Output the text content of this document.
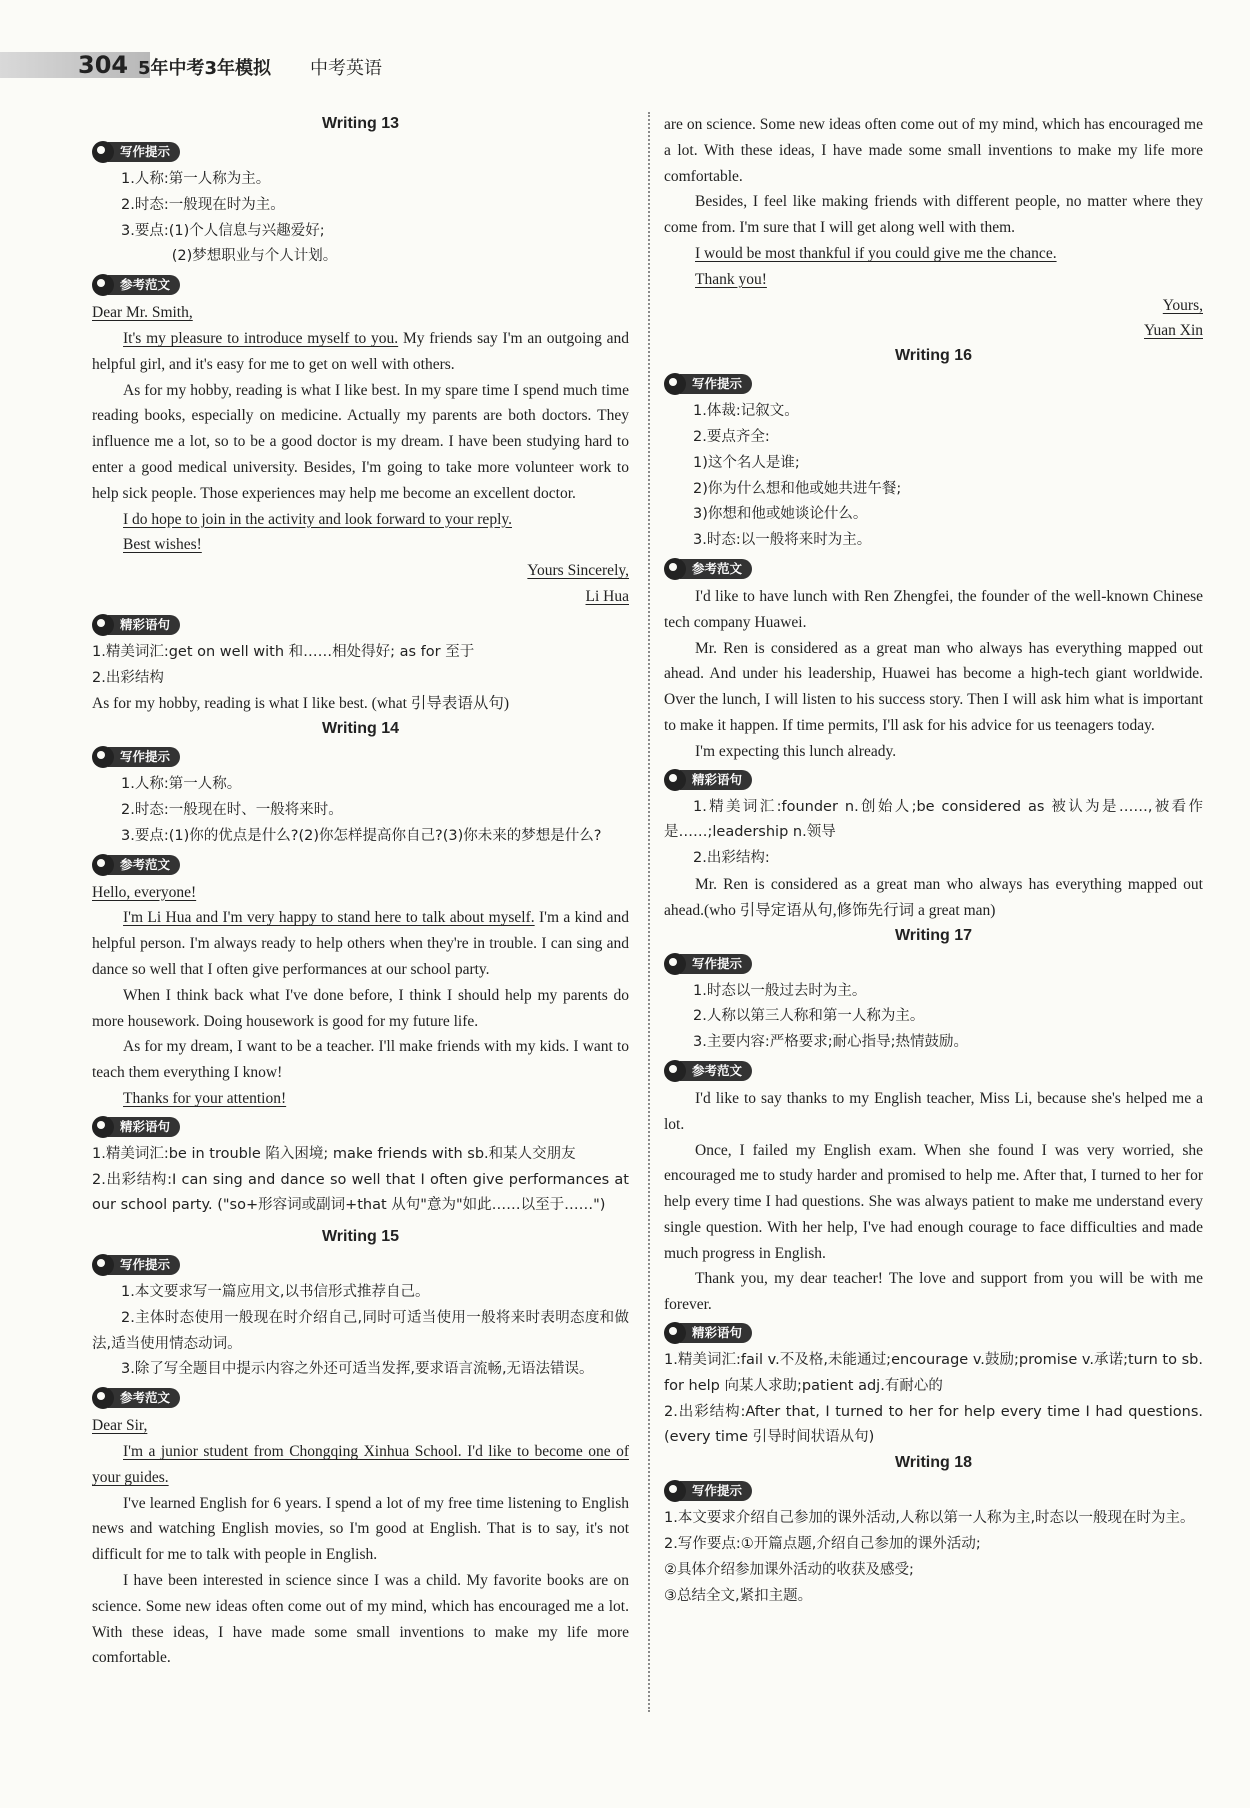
304 5年中考3年模拟 中考英语
Writing 13
写作提示

1.人称:第一人称为主。

2.时态:一般现在时为主。

3.要点:(1)个人信息与兴趣爱好;

(2)梦想职业与个人计划。

参考范文

Dear Mr. Smith,

It's my pleasure to introduce myself to you. My friends say I'm an outgoing and helpful girl, and it's easy for me to get on well with others.

As for my hobby, reading is what I like best. In my spare time I spend much time reading books, especially on medicine. Actually my parents are both doctors. They influence me a lot, so to be a good doctor is my dream. I have been studying hard to enter a good medical university. Besides, I'm going to take more volunteer work to help sick people. Those experiences may help me become an excellent doctor.

I do hope to join in the activity and look forward to your reply.

Best wishes!

Yours Sincerely,

Li Hua

精彩语句

1.精美词汇:get on well with 和……相处得好; as for 至于

2.出彩结构

As for my hobby, reading is what I like best. (what 引导表语从句)

Writing 14
写作提示

1.人称:第一人称。

2.时态:一般现在时、一般将来时。

3.要点:(1)你的优点是什么?(2)你怎样提高你自己?(3)你未来的梦想是什么?

参考范文

Hello, everyone!

I'm Li Hua and I'm very happy to stand here to talk about myself. I'm a kind and helpful person. I'm always ready to help others when they're in trouble. I can sing and dance so well that I often give performances at our school party.

When I think back what I've done before, I think I should help my parents do more housework. Doing housework is good for my future life.

As for my dream, I want to be a teacher. I'll make friends with my kids. I want to teach them everything I know!

Thanks for your attention!

精彩语句

1.精美词汇:be in trouble 陷入困境; make friends with sb.和某人交朋友

2.出彩结构:I can sing and dance so well that I often give performances at our school party. ("so+形容词或副词+that 从句"意为"如此……以至于……")

Writing 15
写作提示

1.本文要求写一篇应用文,以书信形式推荐自己。

2.主体时态使用一般现在时介绍自己,同时可适当使用一般将来时表明态度和做法,适当使用情态动词。

3.除了写全题目中提示内容之外还可适当发挥,要求语言流畅,无语法错误。

参考范文

Dear Sir,

I'm a junior student from Chongqing Xinhua School. I'd like to become one of your guides.

I've learned English for 6 years. I spend a lot of my free time listening to English news and watching English movies, so I'm good at English. That is to say, it's not difficult for me to talk with people in English.

I have been interested in science since I was a child. My favorite books are on science. Some new ideas often come out of my mind, which has encouraged me a lot. With these ideas, I have made some small inventions to make my life more comfortable.

are on science. Some new ideas often come out of my mind, which has encouraged me a lot. With these ideas, I have made some small inventions to make my life more comfortable.

Besides, I feel like making friends with different people, no matter where they come from. I'm sure that I will get along well with them.

I would be most thankful if you could give me the chance.

Thank you!

Yours,

Yuan Xin

Writing 16
写作提示

1.体裁:记叙文。

2.要点齐全:

1)这个名人是谁;

2)你为什么想和他或她共进午餐;

3)你想和他或她谈论什么。

3.时态:以一般将来时为主。

参考范文

I'd like to have lunch with Ren Zhengfei, the founder of the well-known Chinese tech company Huawei.

Mr. Ren is considered as a great man who always has everything mapped out ahead. And under his leadership, Huawei has become a high-tech giant worldwide. Over the lunch, I will listen to his success story. Then I will ask him what is important to make it happen. If time permits, I'll ask for his advice for us teenagers today.

I'm expecting this lunch already.

精彩语句

1.精美词汇:founder n.创始人;be considered as 被认为是……,被看作是……;leadership n.领导

2.出彩结构:

Mr. Ren is considered as a great man who always has everything mapped out ahead.(who 引导定语从句,修饰先行词 a great man)

Writing 17
写作提示

1.时态以一般过去时为主。

2.人称以第三人称和第一人称为主。

3.主要内容:严格要求;耐心指导;热情鼓励。

参考范文

I'd like to say thanks to my English teacher, Miss Li, because she's helped me a lot.

Once, I failed my English exam. When she found I was very worried, she encouraged me to study harder and promised to help me. After that, I turned to her for help every time I had questions. She was always patient to make me understand every single question. With her help, I've had enough courage to face difficulties and made much progress in English.

Thank you, my dear teacher! The love and support from you will be with me forever.

精彩语句

1.精美词汇:fail v.不及格,未能通过;encourage v.鼓励;promise v.承诺;turn to sb. for help 向某人求助;patient adj.有耐心的

2.出彩结构:After that, I turned to her for help every time I had questions. (every time 引导时间状语从句)

Writing 18
写作提示

1.本文要求介绍自己参加的课外活动,人称以第一人称为主,时态以一般现在时为主。

2.写作要点:①开篇点题,介绍自己参加的课外活动;

②具体介绍参加课外活动的收获及感受;

③总结全文,紧扣主题。
